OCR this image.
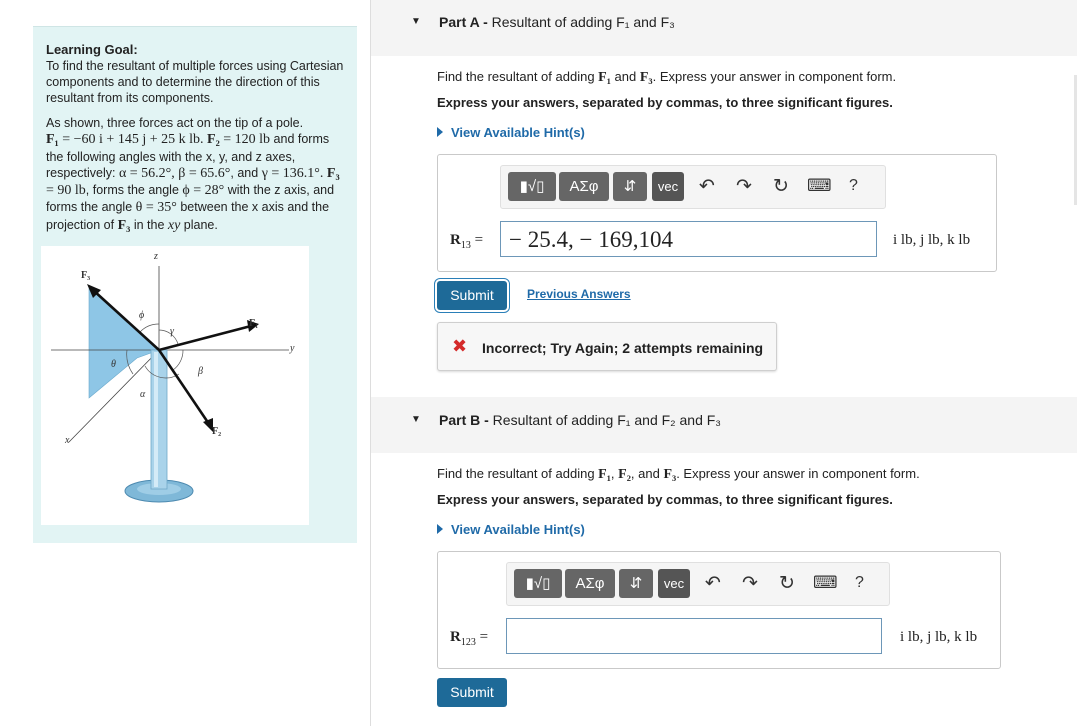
Learning Goal:
To find the resultant of multiple forces using Cartesian components and to determine the direction of this resultant from its components.
As shown, three forces act on the tip of a pole.
F₁ = −60 i + 145 j + 25 k lb. F₂ = 120 lb and forms the following angles with the x, y, and z axes, respectively: α = 56.2°, β = 65.6°, and γ = 136.1°. F₃ = 90 lb, forms the angle ϕ = 28° with the z axis, and forms the angle θ = 35° between the x axis and the projection of F₃ in the xy plane.
z
y
x
F₃
F₁
F₂
ϕ
γ
θ
β
α
▼ Part A - Resultant of adding F₁ and F₃
Find the resultant of adding F₁ and F₃. Express your answer in component form.
Express your answers, separated by commas, to three significant figures.
View Available Hint(s)
▮√▯	ΑΣφ	⇵	vec	↶ ↷ ↻ ⌨ ?
$R_{13}$ =	− 25.4, − 169,104	i lb, j lb, k lb
Submit	Previous Answers
✖ Incorrect; Try Again; 2 attempts remaining
▼ Part B - Resultant of adding F₁ and F₂ and F₃
Find the resultant of adding F₁, F₂, and F₃. Express your answer in component form.
Express your answers, separated by commas, to three significant figures.
View Available Hint(s)
▮√▯	ΑΣφ	⇵	vec	↶ ↷ ↻ ⌨ ?
$R_{123}$ =	i lb, j lb, k lb
Submit
